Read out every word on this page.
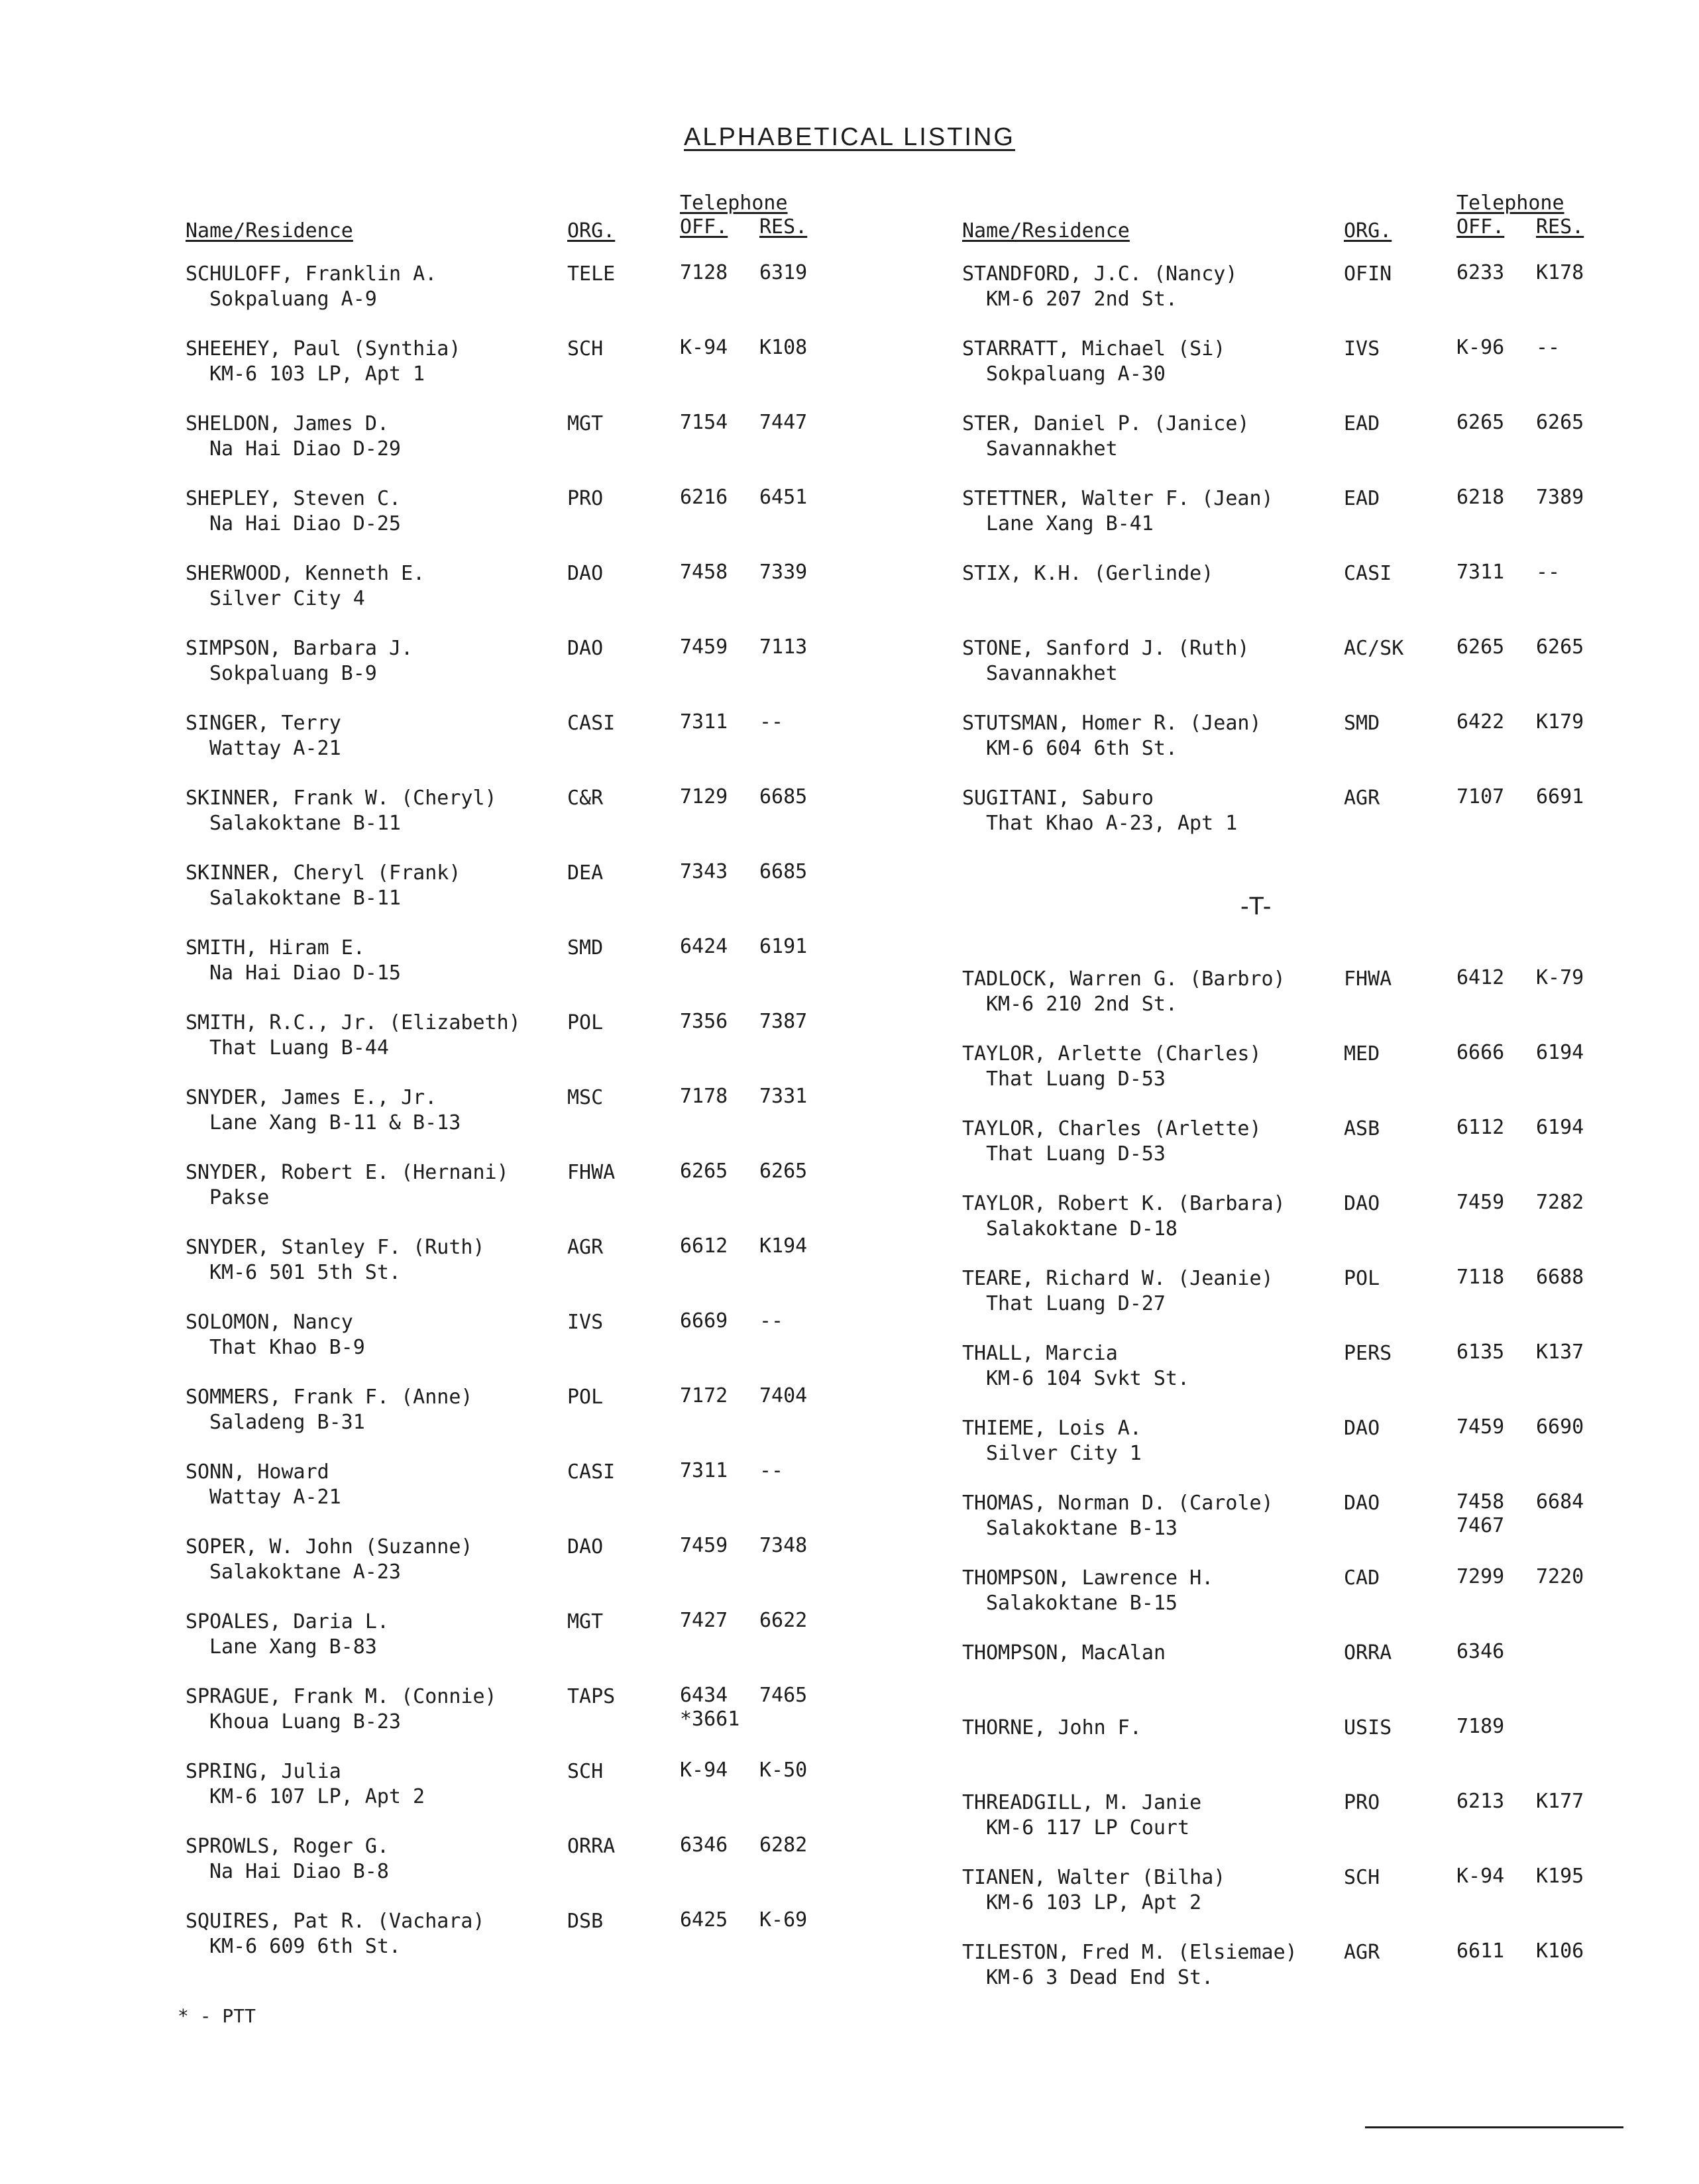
ALPHABETICAL LISTING
Name/Residence	ORG.
Telephone
OFF. RES.
SCHULOFF, Franklin A.
Sokpaluang A-9
TELE	7128 6319
SHEEHEY, Paul (Synthia)
KM-6 103 LP, Apt 1
SCH	K-94 K108
SHELDON, James D.
Na Hai Diao D-29
MGT	7154 7447
SHEPLEY, Steven C.
Na Hai Diao D-25
PRO	6216 6451
SHERWOOD, Kenneth E.
Silver City 4
DAO	7458 7339
SIMPSON, Barbara J.
Sokpaluang B-9
DAO	7459 7113
SINGER, Terry
Wattay A-21
CASI	7311 --
SKINNER, Frank W. (Cheryl)
Salakoktane B-11
C&R	7129 6685
SKINNER, Cheryl (Frank)
Salakoktane B-11
DEA	7343 6685
SMITH, Hiram E.
Na Hai Diao D-15
SMD	6424 6191
SMITH, R.C., Jr. (Elizabeth)
That Luang B-44
POL	7356 7387
SNYDER, James E., Jr.
Lane Xang B-11 & B-13
MSC	7178 7331
SNYDER, Robert E. (Hernani)
Pakse
FHWA	6265 6265
SNYDER, Stanley F. (Ruth)
KM-6 501 5th St.
AGR	6612 K194
SOLOMON, Nancy
That Khao B-9
IVS	6669 --
SOMMERS, Frank F. (Anne)
Saladeng B-31
POL	7172 7404
SONN, Howard
Wattay A-21
CASI	7311 --
SOPER, W. John (Suzanne)
Salakoktane A-23
DAO	7459 7348
SPOALES, Daria L.
Lane Xang B-83
MGT	7427 6622
SPRAGUE, Frank M. (Connie)
Khoua Luang B-23
TAPS	6434 7465
*3661
SPRING, Julia
KM-6 107 LP, Apt 2
SCH	K-94 K-50
SPROWLS, Roger G.
Na Hai Diao B-8
ORRA	6346 6282
SQUIRES, Pat R. (Vachara)
KM-6 609 6th St.
DSB	6425 K-69
Name/Residence	ORG.
Telephone
OFF. RES.
STANDFORD, J.C. (Nancy)
KM-6 207 2nd St.
OFIN	6233 K178
STARRATT, Michael (Si)
Sokpaluang A-30
IVS	K-96 --
STER, Daniel P. (Janice)
Savannakhet
EAD	6265 6265
STETTNER, Walter F. (Jean)
Lane Xang B-41
EAD	6218 7389
STIX, K.H. (Gerlinde)	CASI	7311 --
STONE, Sanford J. (Ruth)
Savannakhet
AC/SK	6265 6265
STUTSMAN, Homer R. (Jean)
KM-6 604 6th St.
SMD	6422 K179
SUGITANI, Saburo
That Khao A-23, Apt 1
AGR	7107 6691
-T-
TADLOCK, Warren G. (Barbro)
KM-6 210 2nd St.
FHWA	6412 K-79
TAYLOR, Arlette (Charles)
That Luang D-53
MED	6666 6194
TAYLOR, Charles (Arlette)
That Luang D-53
ASB	6112 6194
TAYLOR, Robert K. (Barbara)
Salakoktane D-18
DAO	7459 7282
TEARE, Richard W. (Jeanie)
That Luang D-27
POL	7118 6688
THALL, Marcia
KM-6 104 Svkt St.
PERS	6135 K137
THIEME, Lois A.
Silver City 1
DAO	7459 6690
THOMAS, Norman D. (Carole)
Salakoktane B-13
DAO	7458 6684
7467
THOMPSON, Lawrence H.
Salakoktane B-15
CAD	7299 7220
THOMPSON, MacAlan	ORRA	6346
THORNE, John F.	USIS	7189
THREADGILL, M. Janie
KM-6 117 LP Court
PRO	6213 K177
TIANEN, Walter (Bilha)
KM-6 103 LP, Apt 2
SCH	K-94 K195
TILESTON, Fred M. (Elsiemae)
KM-6 3 Dead End St.
AGR	6611 K106
* - PTT
